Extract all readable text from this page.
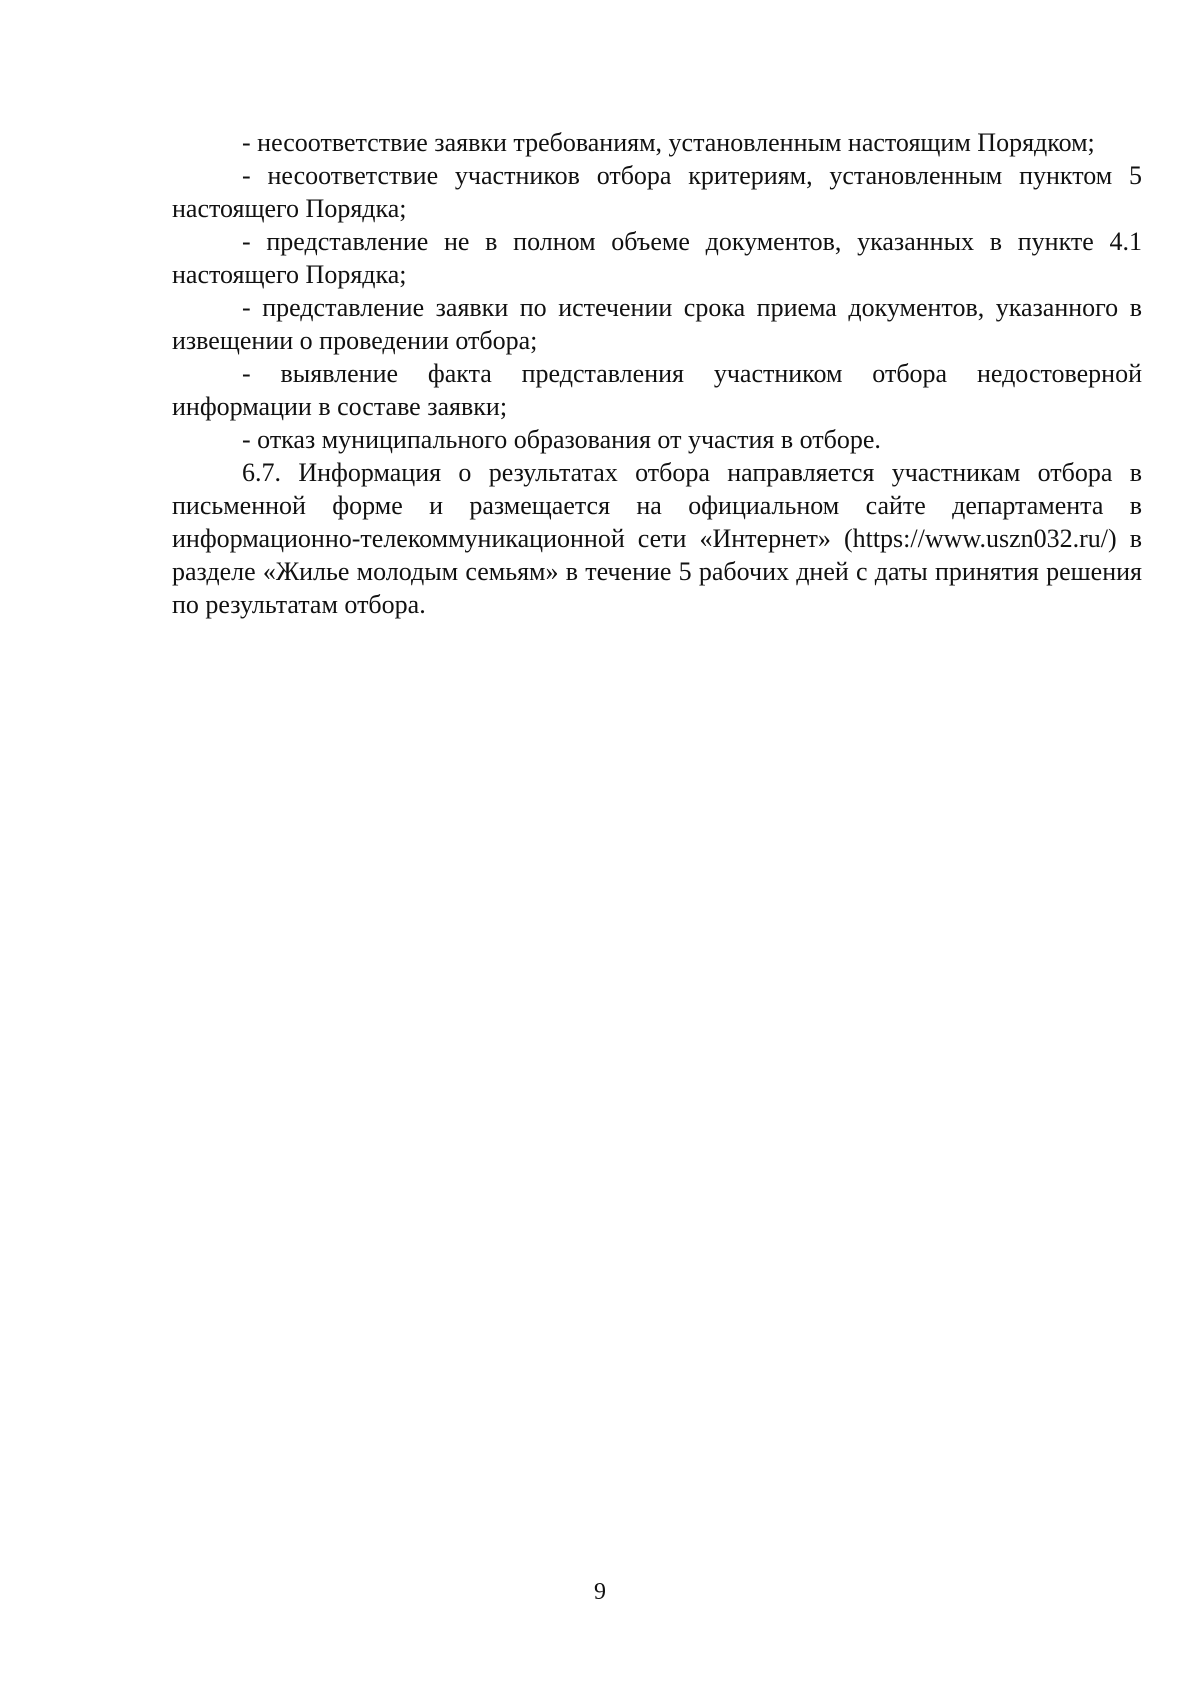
- несоответствие заявки требованиям, установленным настоящим Порядком;

- несоответствие участников отбора критериям, установленным пунктом 5 настоящего Порядка;

- представление не в полном объеме документов, указанных в пункте 4.1 настоящего Порядка;

- представление заявки по истечении срока приема документов, указанного в извещении о проведении отбора;

- выявление факта представления участником отбора недостоверной информации в составе заявки;

- отказ муниципального образования от участия в отборе.

6.7. Информация о результатах отбора направляется участникам отбора в письменной форме и размещается на официальном сайте департамента в информационно-телекоммуникационной сети «Интернет» (https://www.uszn032.ru/) в разделе «Жилье молодым семьям» в течение 5 рабочих дней с даты принятия решения по результатам отбора.

9
